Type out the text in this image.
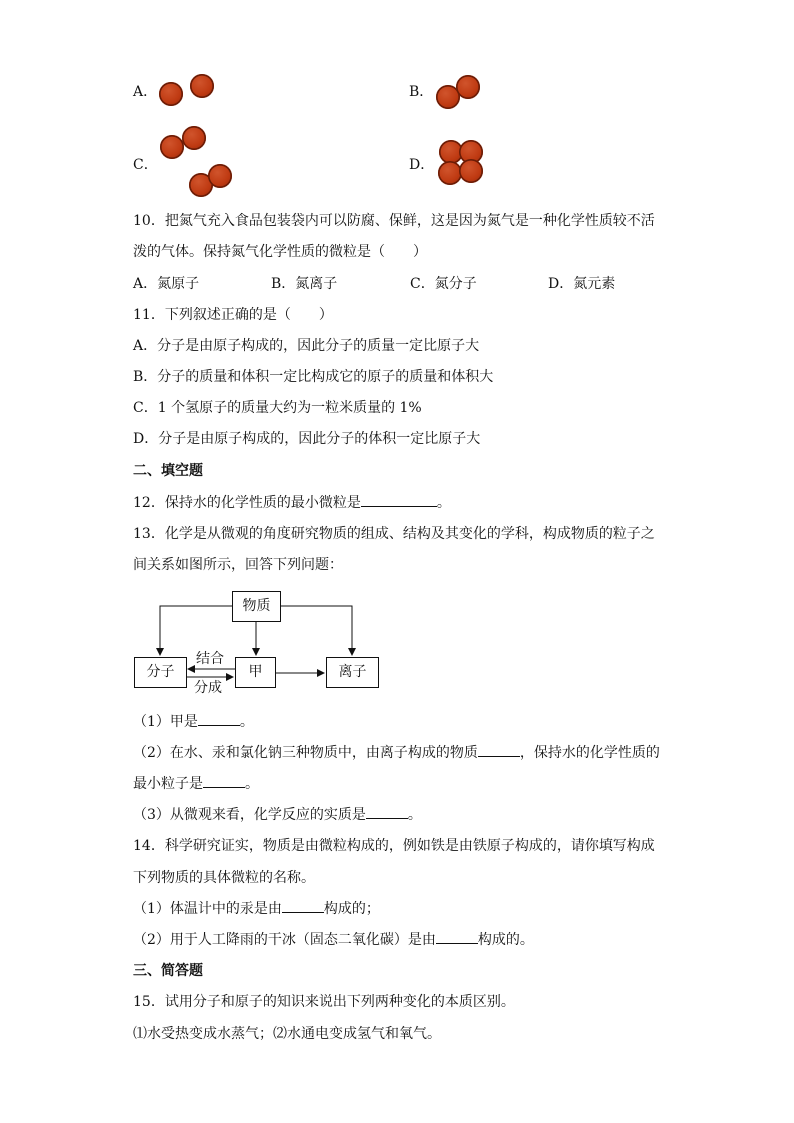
A．	B．
C．	D．
10．把氮气充入食品包装袋内可以防腐、保鲜，这是因为氮气是一种化学性质较不活
泼的气体。保持氮气化学性质的微粒是（　　）
A．氮原子	B．氮离子	C．氮分子	D．氮元素
11．下列叙述正确的是（　　）
A．分子是由原子构成的，因此分子的质量一定比原子大
B．分子的质量和体积一定比构成它的原子的质量和体积大
C．1 个氢原子的质量大约为一粒米质量的 1%
D．分子是由原子构成的，因此分子的体积一定比原子大
二、填空题
12．保持水的化学性质的最小微粒是	。
13．化学是从微观的角度研究物质的组成、结构及其变化的学科，构成物质的粒子之
间关系如图所示，回答下列问题：
物质
分子	甲	离子
结合
分成
（1）甲是	。
（2）在水、汞和氯化钠三种物质中，由离子构成的物质	，保持水的化学性质的
最小粒子是	。
（3）从微观来看，化学反应的实质是	。
14．科学研究证实，物质是由微粒构成的，例如铁是由铁原子构成的，请你填写构成
下列物质的具体微粒的名称。
（1）体温计中的汞是由	构成的；
（2）用于人工降雨的干冰（固态二氧化碳）是由	构成的。
三、简答题
15．试用分子和原子的知识来说出下列两种变化的本质区别。
⑴水受热变成水蒸气；⑵水通电变成氢气和氧气。
